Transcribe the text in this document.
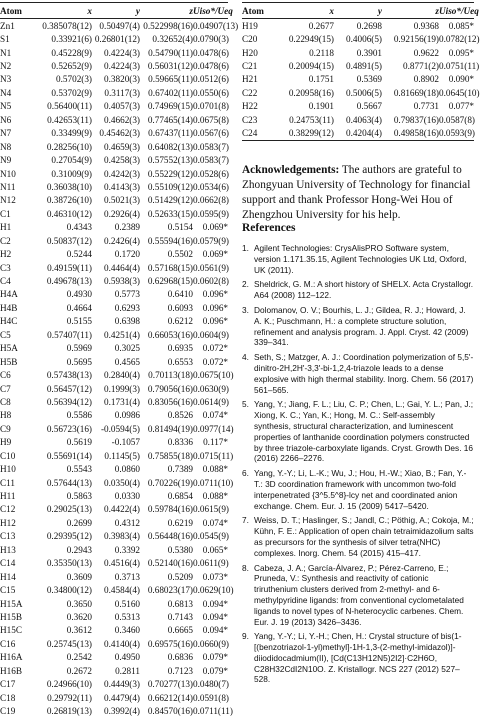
Atom	x	y	z Uiso*/Ueq
Zn1	0.385078(12) 0.50497(4) 0.522998(16) 0.04907(13)
S1	0.33921(6) 0.26801(12)	0.32652(4) 0.0790(3)
N1	0.45228(9)	0.4224(3) 0.54790(11) 0.0478(6)
N2	0.52652(9)	0.4224(3) 0.56031(12) 0.0478(6)
N3	0.5702(3)	0.3820(3) 0.59665(11) 0.0512(6)
N4	0.53702(9)	0.3117(3) 0.67402(11) 0.0550(6)
N5	0.56400(11)	0.4057(3) 0.74969(15) 0.0701(8)
N6	0.42653(11)	0.4662(3) 0.77465(14) 0.0675(8)
N7	0.33499(9) 0.45462(3) 0.67437(11) 0.0567(6)
N8	0.28256(10)	0.4659(3) 0.64082(13) 0.0583(7)
N9	0.27054(9)	0.4258(3) 0.57552(13) 0.0583(7)
N10	0.31009(9)	0.4242(3) 0.55229(12) 0.0528(6)
N11	0.36038(10)	0.4143(3) 0.55109(12) 0.0534(6)
N12	0.38726(10)	0.5021(3) 0.51429(12) 0.0662(8)
C1	0.46310(12)	0.2926(4) 0.52633(15) 0.0595(9)
H1	0.4343	0.2389	0.5154	0.069*
C2	0.50837(12)	0.2426(4) 0.55594(16) 0.0579(9)
H2	0.5244	0.1720	0.5502	0.069*
C3	0.49159(11)	0.4464(4) 0.57168(15) 0.0561(9)
C4	0.49678(13)	0.5938(3) 0.62968(15) 0.0602(8)
H4A	0.4930	0.5773	0.6410	0.096*
H4B	0.4664	0.6293	0.6093	0.096*
H4C	0.5155	0.6398	0.6212	0.096*
C5	0.57407(11)	0.4251(4) 0.66053(16) 0.0604(9)
H5A	0.5969	0.3025	0.6935	0.072*
H5B	0.5695	0.4565	0.6553	0.072*
C6	0.57438(13)	0.2840(4) 0.70113(18) 0.0675(10)
C7	0.56457(12)	0.1999(3) 0.79056(16) 0.0630(9)
C8	0.56394(12)	0.1731(4) 0.83056(16) 0.0614(9)
H8	0.5586	0.0986	0.8526	0.074*
C9	0.56723(16) -0.0594(5) 0.81494(19) 0.0977(14)
H9	0.5619	-0.1057	0.8336	0.117*
C10	0.55691(14)	0.1145(5) 0.75855(18) 0.0715(11)
H10	0.5543	0.0860	0.7389	0.088*
C11	0.57644(13)	0.0350(4) 0.70226(19) 0.0711(10)
H11	0.5863	0.0330	0.6854	0.088*
C12	0.29025(13)	0.4422(4) 0.59784(16) 0.0615(9)
H12	0.2699	0.4312	0.6219	0.074*
C13	0.29395(12)	0.3983(4) 0.56448(16) 0.0545(9)
H13	0.2943	0.3392	0.5380	0.065*
C14	0.35350(13)	0.4516(4) 0.52140(16) 0.0611(9)
H14	0.3609	0.3713	0.5209	0.073*
C15	0.34800(12)	0.4584(4) 0.68023(17) 0.0629(10)
H15A	0.3650	0.5160	0.6813	0.094*
H15B	0.3620	0.5313	0.7143	0.094*
H15C	0.3612	0.3460	0.6665	0.094*
C16	0.25745(13)	0.4140(4) 0.69575(16) 0.0660(9)
H16A	0.2542	0.4950	0.6836	0.079*
H16B	0.2672	0.2811	0.7123	0.079*
C17	0.24966(10)	0.4449(3) 0.70277(13) 0.0480(7)
C18	0.29792(11)	0.4479(4) 0.66212(14) 0.0591(8)
C19	0.26819(13)	0.3992(4) 0.84570(16) 0.0711(11)
Atom	x	y	z Uiso*/Ueq
H19	0.2677	0.2698	0.9368	0.085*
C20	0.22949(15)	0.4006(5)	0.92156(19) 0.0782(12)
H20	0.2118	0.3901	0.9622	0.095*
C21	0.20094(15)	0.4891(5)	0.8771(2) 0.0751(11)
H21	0.1751	0.5369	0.8902	0.090*
C22	0.20958(16)	0.5006(5)	0.81669(18) 0.0645(10)
H22	0.1901	0.5667	0.7731	0.077*
C23	0.24753(11)	0.4063(4)	0.79837(16) 0.0587(8)
C24	0.38299(12)	0.4204(4)	0.49858(16) 0.0593(9)
Acknowledgements: The authors are grateful to Zhongyuan University of Technology for financial support and thank Professor Hong-Wei Hou of Zhengzhou University for his help.
References
1. Agilent Technologies: CrysAlisPRO Software system, version 1.171.35.15, Agilent Technologies UK Ltd, Oxford, UK (2011).
2. Sheldrick, G. M.: A short history of SHELX. Acta Crystallogr. A64 (2008) 112–122.
3. Dolomanov, O. V.; Bourhis, L. J.; Gildea, R. J.; Howard, J. A. K.; Puschmann, H.: a complete structure solution, refinement and analysis program. J. Appl. Cryst. 42 (2009) 339–341.
4. Seth, S.; Matzger, A. J.: Coordination polymerization of 5,5'-dinitro-2H,2H'-3,3'-bi-1,2,4-triazole leads to a dense explosive with high thermal stability. Inorg. Chem. 56 (2017) 561–565.
5. Yang, Y.; Jiang, F. L.; Liu, C. P.; Chen, L.; Gai, Y. L.; Pan, J.; Xiong, K. C.; Yan, K.; Hong, M. C.: Self-assembly synthesis, structural characterization, and luminescent properties of lanthanide coordination polymers constructed by three triazole-carboxylate ligands. Cryst. Growth Des. 16 (2016) 2266–2276.
6. Yang, Y.-Y.; Li, L.-K.; Wu, J.; Hou, H.-W.; Xiao, B.; Fan, Y.-T.: 3D coordination framework with uncommon two-fold interpenetrated {3^5.5^8}-lcy net and coordinated anion exchange. Chem. Eur. J. 15 (2009) 5417–5420.
7. Weiss, D. T.; Haslinger, S.; Jandl, C.; Pöthig, A.; Cokoja, M.; Kühn, F. E.: Application of open chain tetraimidazolium salts as precursors for the synthesis of silver tetra(NHC) complexes. Inorg. Chem. 54 (2015) 415–417.
8. Cabeza, J. A.; García-Álvarez, P.; Pérez-Carreno, E.; Pruneda, V.: Synthesis and reactivity of cationic triruthenium clusters derived from 2-methyl- and 6-methylpyridine ligands: from conventional cyclometalated ligands to novel types of N-heterocyclic carbenes. Chem. Eur. J. 19 (2013) 3426–3436.
9. Yang, Y.-Y.; Li, Y.-H.; Chen, H.: Crystal structure of bis(1-[(benzotriazol-1-yl)methyl]-1H-1,3-(2-methyl-imidazol)]-diiodidocadmium(II), [Cd(C13H12N5)2I2]·C2H6O, C28H32CdI2N10O. Z. Kristallogr. NCS 227 (2012) 527–528.
